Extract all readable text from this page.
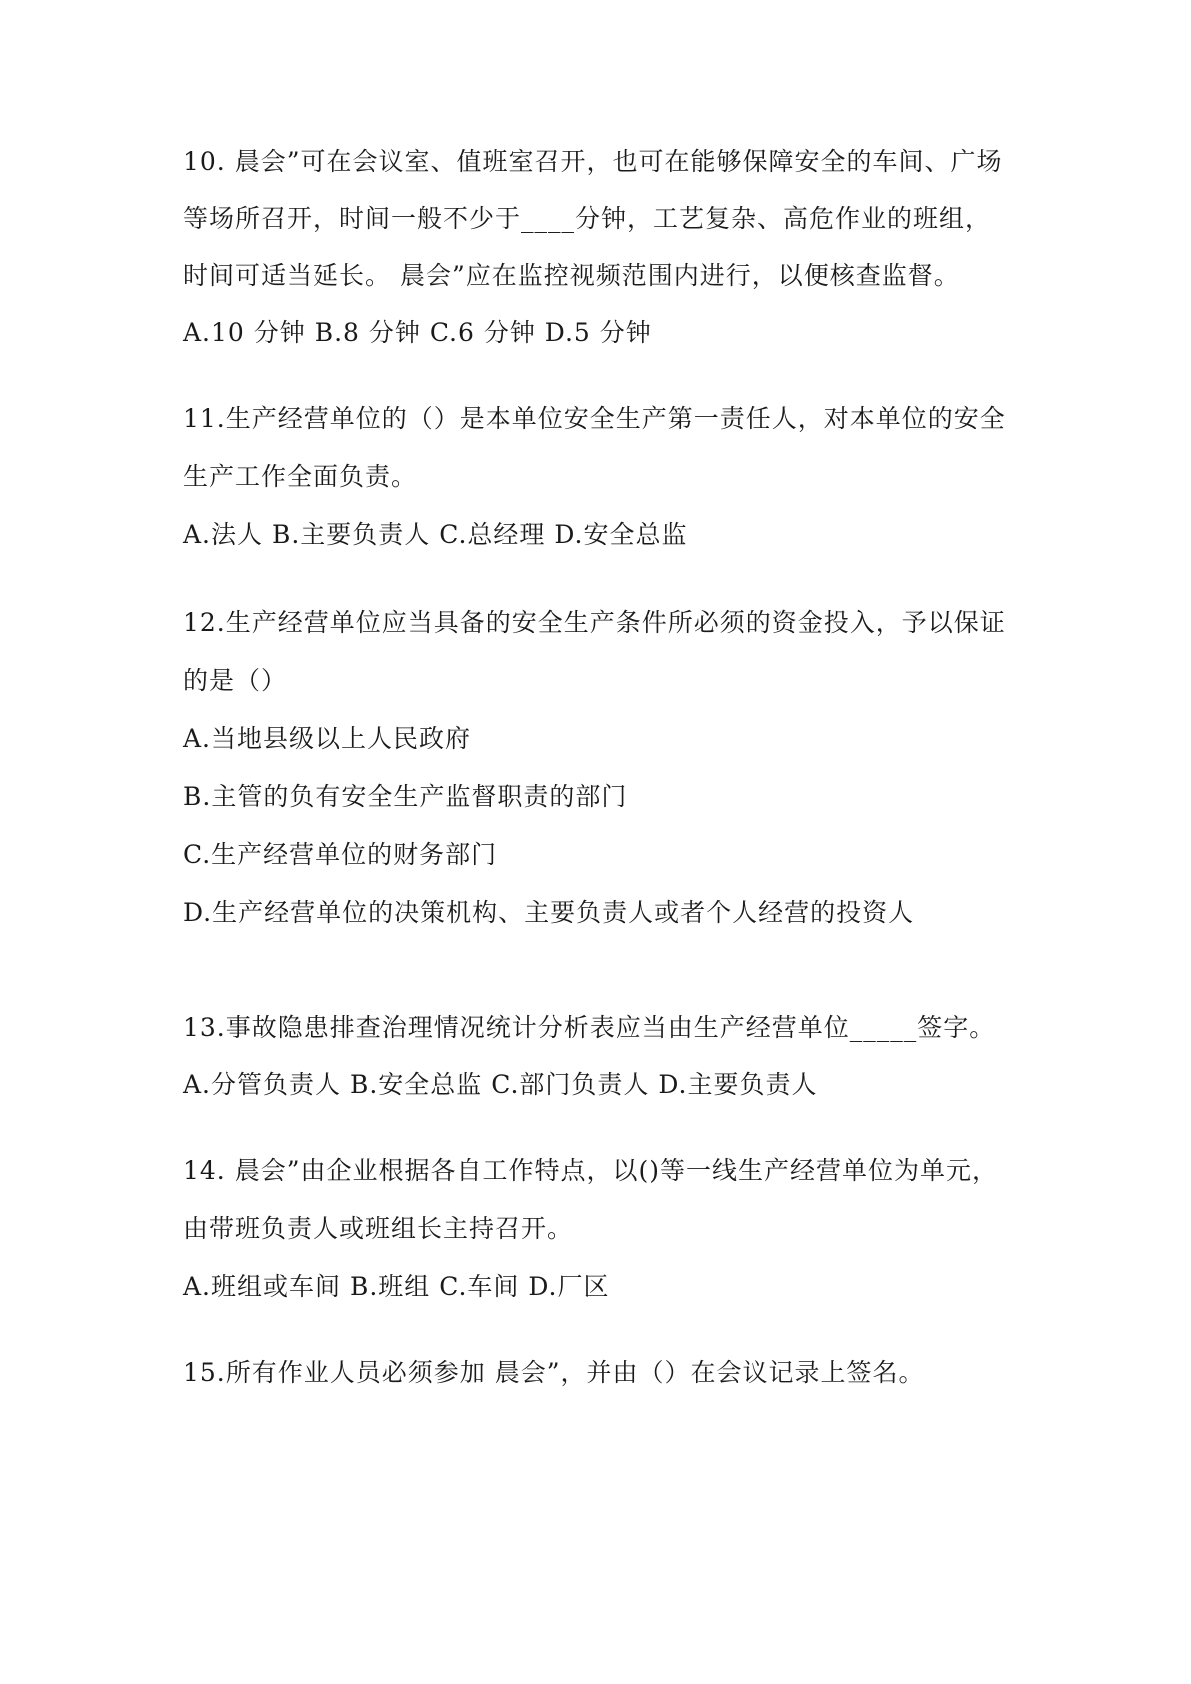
10. 晨会”可在会议室、值班室召开，也可在能够保障安全的车间、广场
等场所召开，时间一般不少于____分钟，工艺复杂、高危作业的班组，
时间可适当延长。 晨会”应在监控视频范围内进行，以便核查监督。
A.10 分钟 B.8 分钟 C.6 分钟 D.5 分钟
11.生产经营单位的（）是本单位安全生产第一责任人，对本单位的安全
生产工作全面负责。
A.法人 B.主要负责人 C.总经理 D.安全总监
12.生产经营单位应当具备的安全生产条件所必须的资金投入，予以保证
的是（）
A.当地县级以上人民政府
B.主管的负有安全生产监督职责的部门
C.生产经营单位的财务部门
D.生产经营单位的决策机构、主要负责人或者个人经营的投资人
13.事故隐患排查治理情况统计分析表应当由生产经营单位_____签字。
A.分管负责人 B.安全总监 C.部门负责人 D.主要负责人
14. 晨会”由企业根据各自工作特点，以()等一线生产经营单位为单元，
由带班负责人或班组长主持召开。
A.班组或车间 B.班组 C.车间 D.厂区
15.所有作业人员必须参加 晨会”，并由（）在会议记录上签名。
